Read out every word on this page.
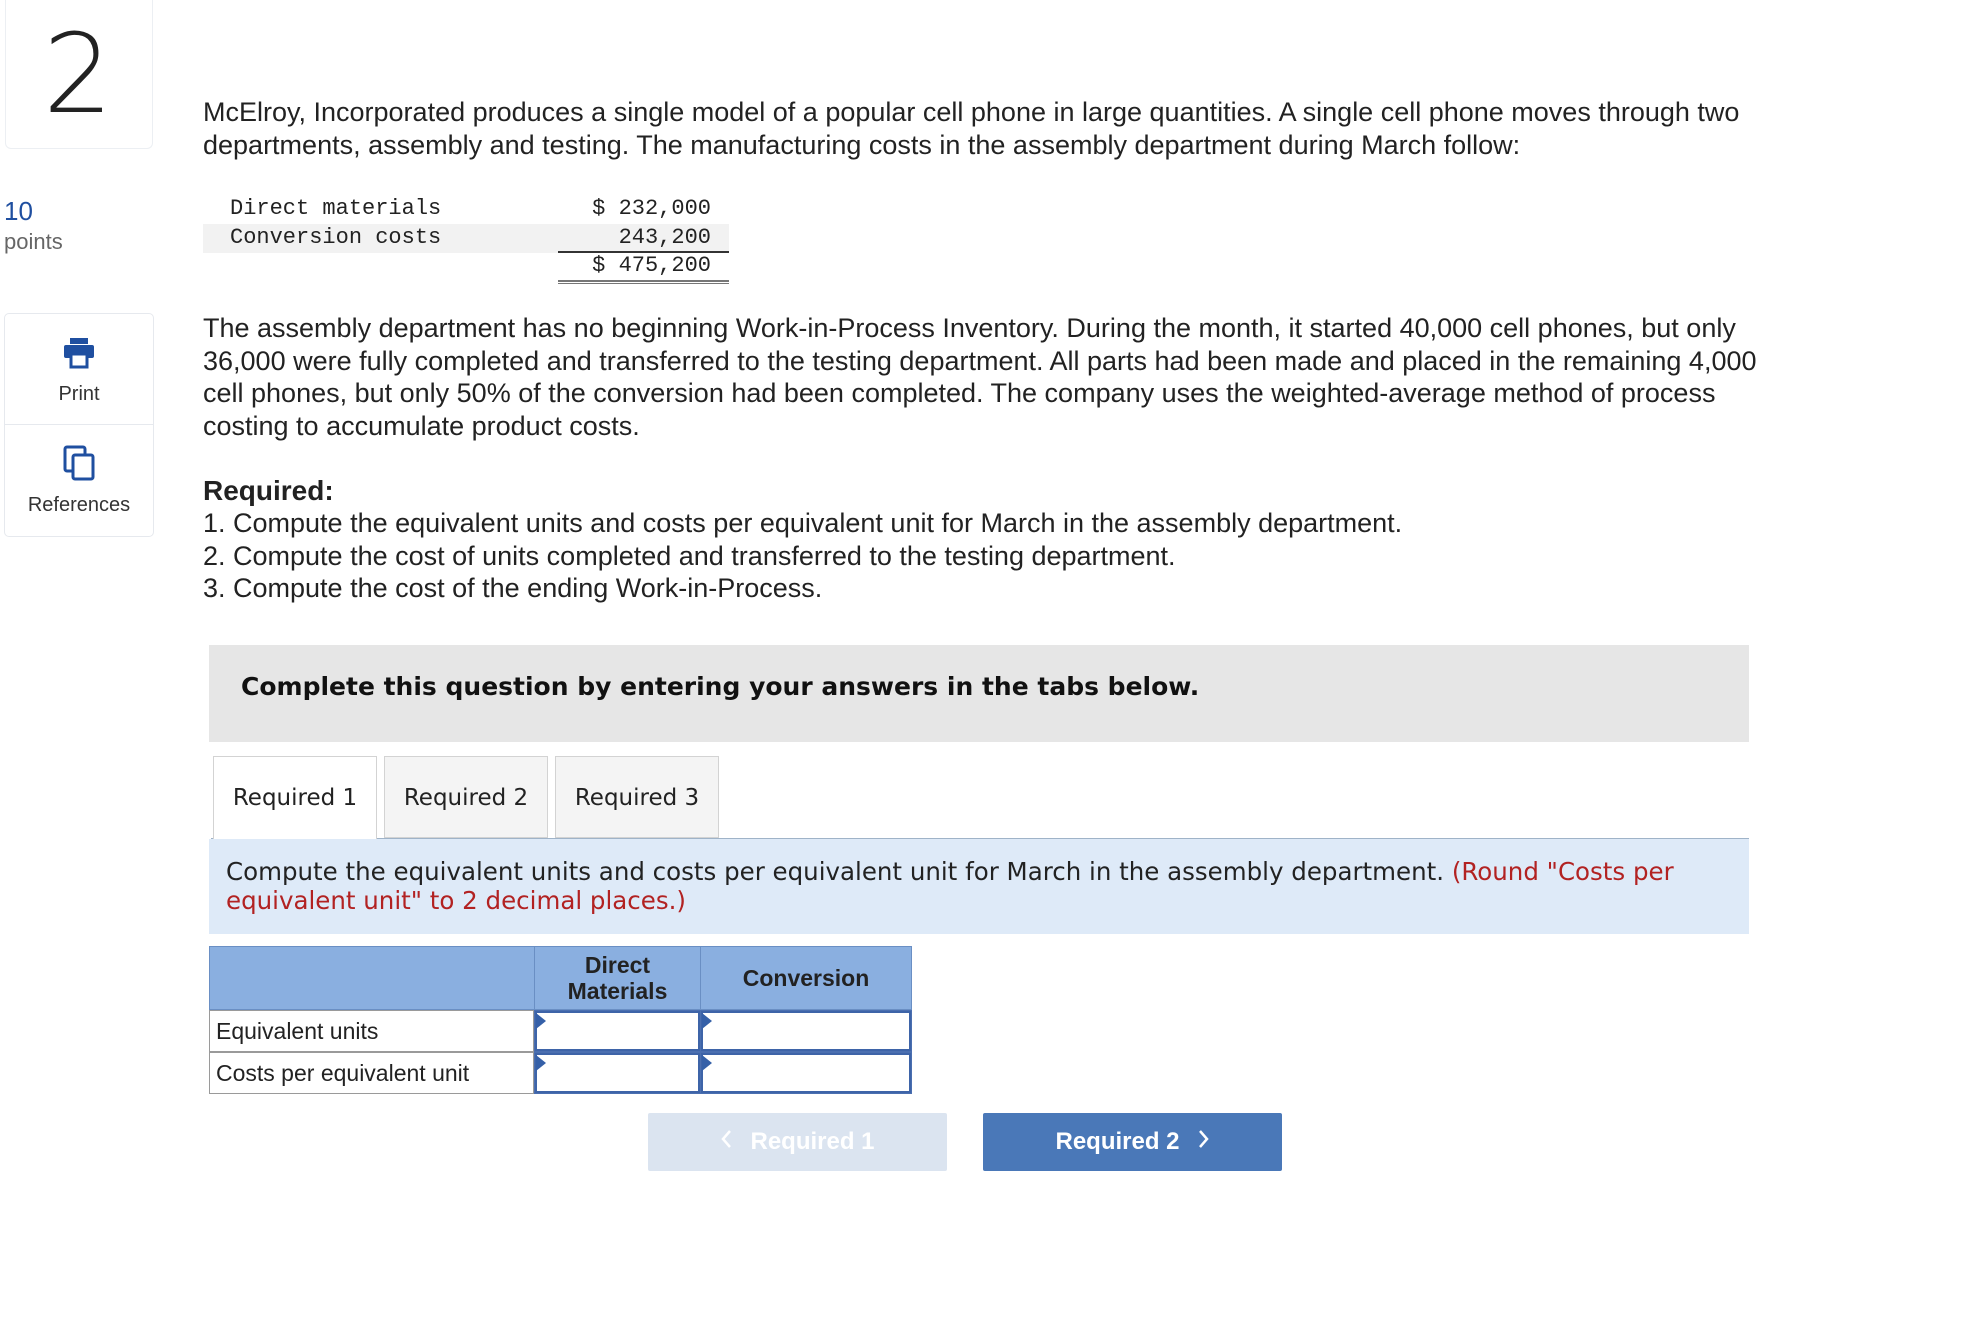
2
10
points
Print
References
McElroy, Incorporated produces a single model of a popular cell phone in large quantities. A single cell phone moves through two departments, assembly and testing. The manufacturing costs in the assembly department during March follow:
Direct materials	$ 232,000
Conversion costs	243,200
$ 475,200
The assembly department has no beginning Work-in-Process Inventory. During the month, it started 40,000 cell phones, but only
36,000 were fully completed and transferred to the testing department. All parts had been made and placed in the remaining 4,000
cell phones, but only 50% of the conversion had been completed. The company uses the weighted-average method of process
costing to accumulate product costs.
Required:
1. Compute the equivalent units and costs per equivalent unit for March in the assembly department.
2. Compute the cost of units completed and transferred to the testing department.
3. Compute the cost of the ending Work-in-Process.
Complete this question by entering your answers in the tabs below.
Required 1	Required 2	Required 3
Compute the equivalent units and costs per equivalent unit for March in the assembly department. (Round "Costs per
equivalent unit" to 2 decimal places.)
Direct Materials	Conversion
Equivalent units
Costs per equivalent unit
Required 1	Required 2
